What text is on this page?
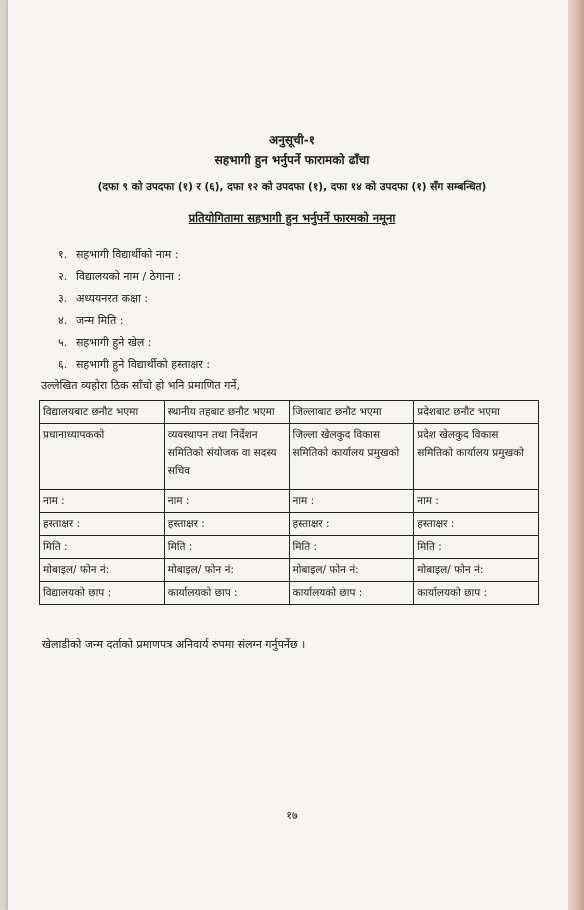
अनुसूची-१
सहभागी हुन भर्नुपर्ने फारामको ढाँचा
(दफा ९ को उपदफा (१) र (६), दफा १२ को उपदफा (१), दफा १४ को उपदफा (१) सँग सम्बन्धित)
प्रतियोगितामा सहभागी हुन भर्नुपर्ने फारमको नमूना
१. सहभागी विद्यार्थीको नाम :
२. विद्यालयको नाम / ठेगाना :
३. अध्ययनरत कक्षा :
४. जन्म मिति :
५. सहभागी हुने खेल :
६. सहभागी हुने विद्यार्थीको हस्ताक्षर :
उल्लेखित व्यहोरा ठिक साँचो हो भनि प्रमाणित गर्ने,
विद्यालयबाट छनौट भएमा	स्थानीय तहबाट छनौट भएमा	जिल्लाबाट छनौट भएमा	प्रदेशबाट छनौट भएमा
प्रधानाध्यापकको	व्यवस्थापन तथा निर्देशन समितिको संयोजक वा सदस्य सचिव	जिल्ला खेलकुद विकास समितिको कार्यालय प्रमुखको	प्रदेश खेलकुद विकास समितिको कार्यालय प्रमुखको
नाम :	नाम :	नाम :	नाम :
हस्ताक्षर :	हस्ताक्षर :	हस्ताक्षर :	हस्ताक्षर :
मिति :	मिति :	मिति :	मिति :
मोबाइल/ फोन नं:	मोबाइल/ फोन नं:	मोबाइल/ फोन नं:	मोबाइल/ फोन नं:
विद्यालयको छाप :	कार्यालयको छाप :	कार्यालयको छाप :	कार्यालयको छाप :
खेलाडीको जन्म दर्ताको प्रमाणपत्र अनिवार्य रुपमा संलग्न गर्नुपर्नेछ ।
१७
